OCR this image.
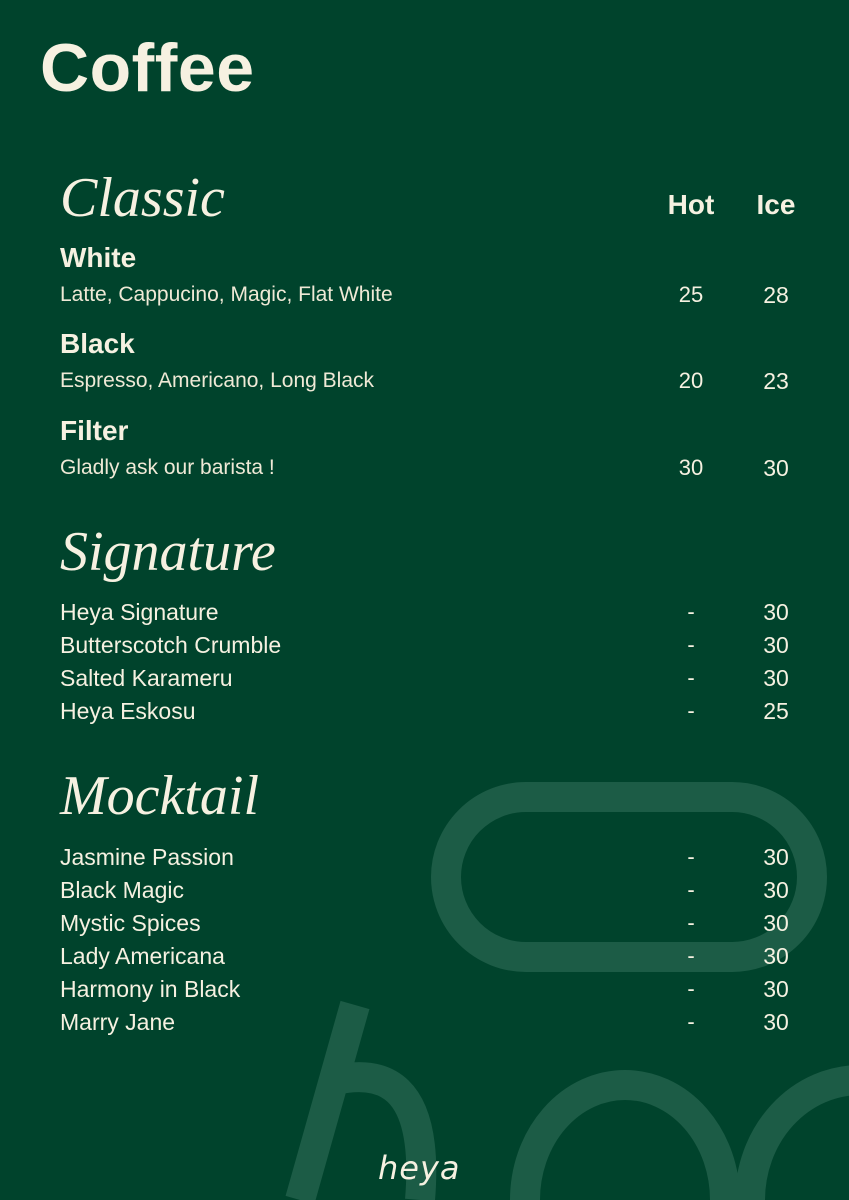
Coffee
Hot	Ice
Classic
White
Latte, Cappucino, Magic, Flat White	25	28
Black
Espresso, Americano, Long Black	20	23
Filter
Gladly ask our barista !	30	30
Signature
Heya Signature	-	30
Butterscotch Crumble	-	30
Salted Karameru	-	30
Heya Eskosu	-	25
Mocktail
Jasmine Passion	-	30
Black Magic	-	30
Mystic Spices	-	30
Lady Americana	-	30
Harmony in Black	-	30
Marry Jane	-	30
heya
